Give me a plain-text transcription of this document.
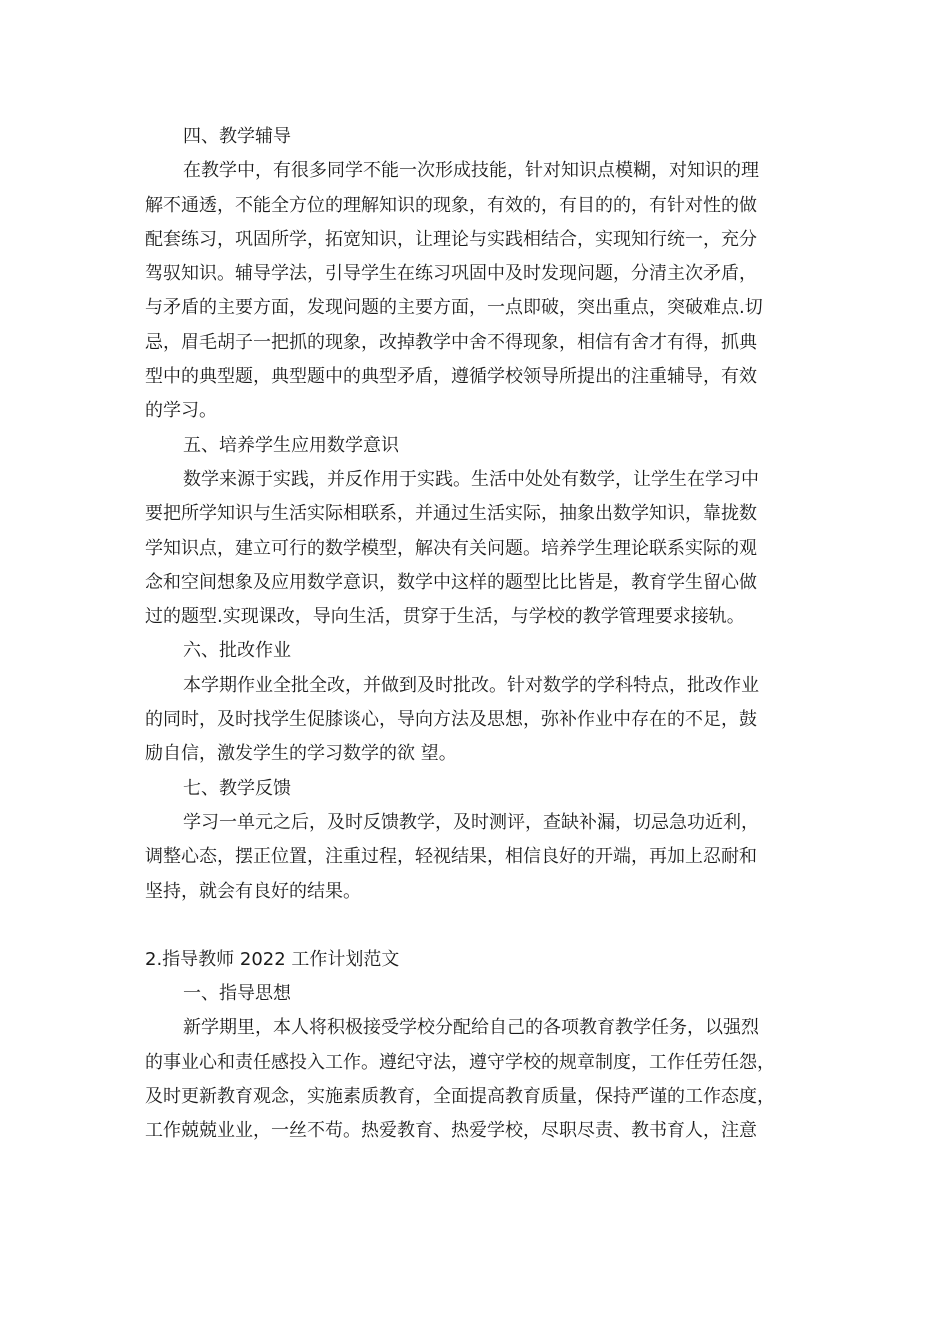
四、教学辅导
在教学中，有很多同学不能一次形成技能，针对知识点模糊，对知识的理
解不通透，不能全方位的理解知识的现象，有效的，有目的的，有针对性的做
配套练习，巩固所学，拓宽知识，让理论与实践相结合，实现知行统一，充分
驾驭知识。辅导学法，引导学生在练习巩固中及时发现问题，分清主次矛盾，
与矛盾的主要方面，发现问题的主要方面，一点即破，突出重点，突破难点.切
忌，眉毛胡子一把抓的现象，改掉教学中舍不得现象，相信有舍才有得，抓典
型中的典型题，典型题中的典型矛盾，遵循学校领导所提出的注重辅导，有效
的学习。
五、培养学生应用数学意识
数学来源于实践，并反作用于实践。生活中处处有数学，让学生在学习中
要把所学知识与生活实际相联系，并通过生活实际，抽象出数学知识，靠拢数
学知识点，建立可行的数学模型，解决有关问题。培养学生理论联系实际的观
念和空间想象及应用数学意识，数学中这样的题型比比皆是，教育学生留心做
过的题型.实现课改，导向生活，贯穿于生活，与学校的教学管理要求接轨。
六、批改作业
本学期作业全批全改，并做到及时批改。针对数学的学科特点，批改作业
的同时，及时找学生促膝谈心，导向方法及思想，弥补作业中存在的不足，鼓
励自信，激发学生的学习数学的欲 望。
七、教学反馈
学习一单元之后，及时反馈教学，及时测评，查缺补漏，切忌急功近利，
调整心态，摆正位置，注重过程，轻视结果，相信良好的开端，再加上忍耐和
坚持，就会有良好的结果。
2.指导教师 2022 工作计划范文
一、指导思想
新学期里，本人将积极接受学校分配给自己的各项教育教学任务，以强烈
的事业心和责任感投入工作。遵纪守法，遵守学校的规章制度，工作任劳任怨，
及时更新教育观念，实施素质教育，全面提高教育质量，保持严谨的工作态度，
工作兢兢业业，一丝不苟。热爱教育、热爱学校，尽职尽责、教书育人，注意
